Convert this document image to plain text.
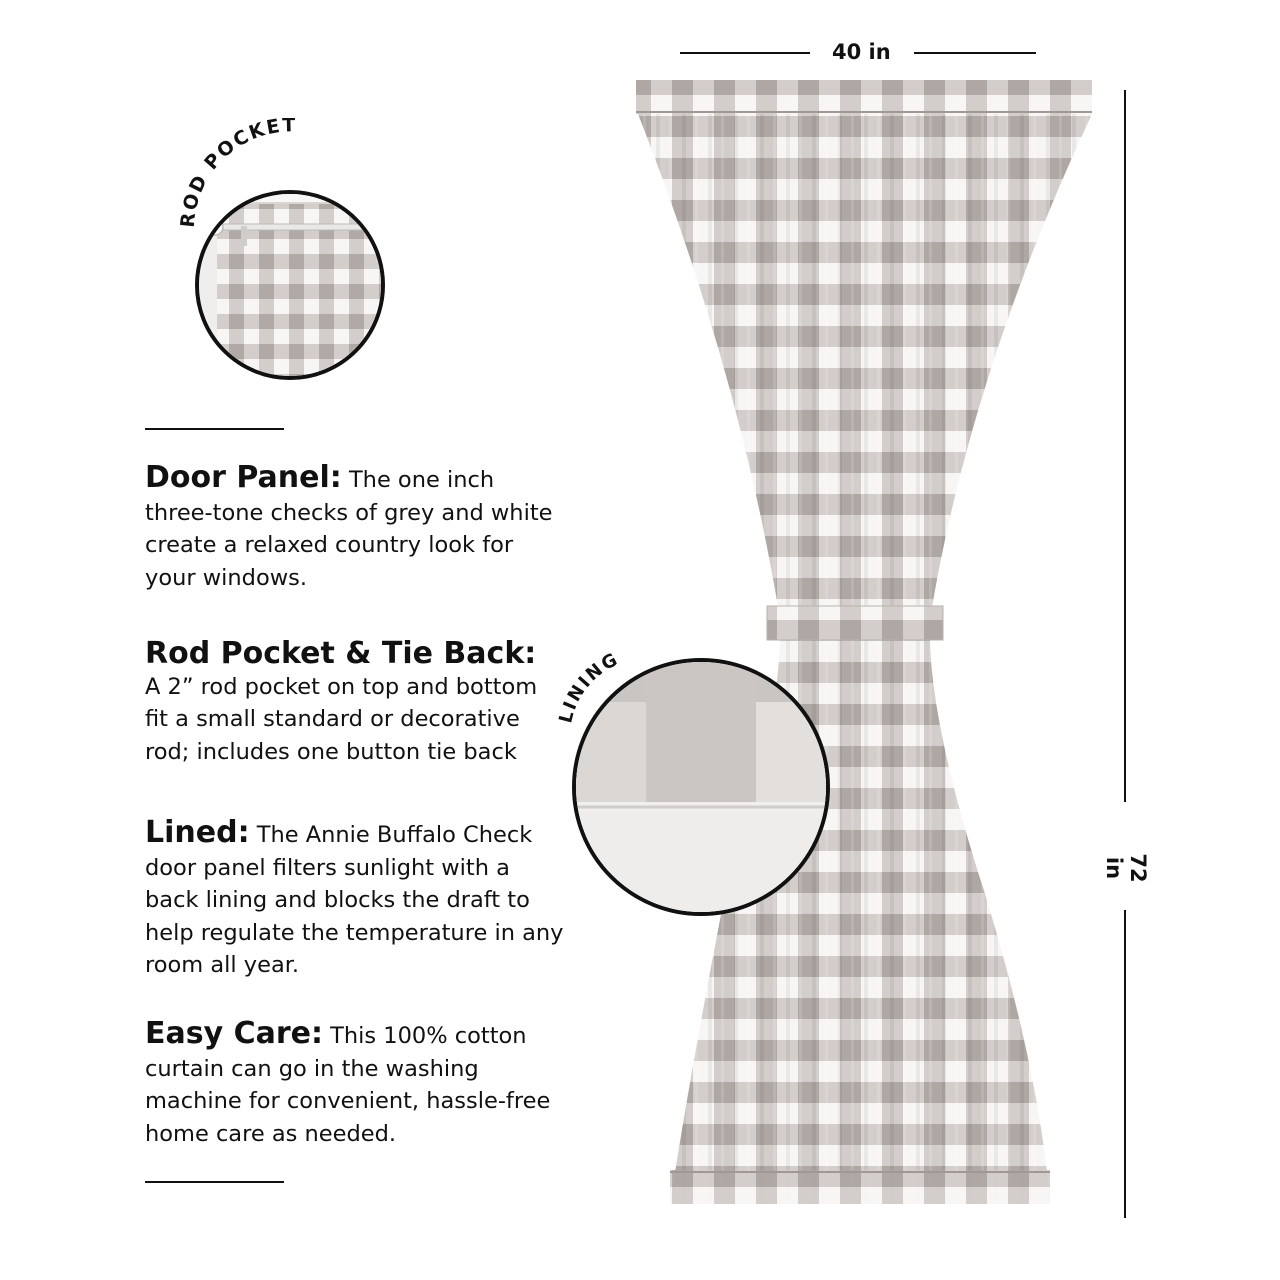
ROD POCKET
Door Panel: The one inch three-tone checks of grey and white create a relaxed country look for your windows.
Rod Pocket & Tie Back:
A 2” rod pocket on top and bottom fit a small standard or decorative rod; includes one button tie back
Lined: The Annie Buffalo Check door panel filters sunlight with a back lining and blocks the draft to help regulate the temperature in any room all year.
Easy Care: This 100% cotton curtain can go in the washing machine for convenient, hassle-free home care as needed.
40 in
72 in
LINING
